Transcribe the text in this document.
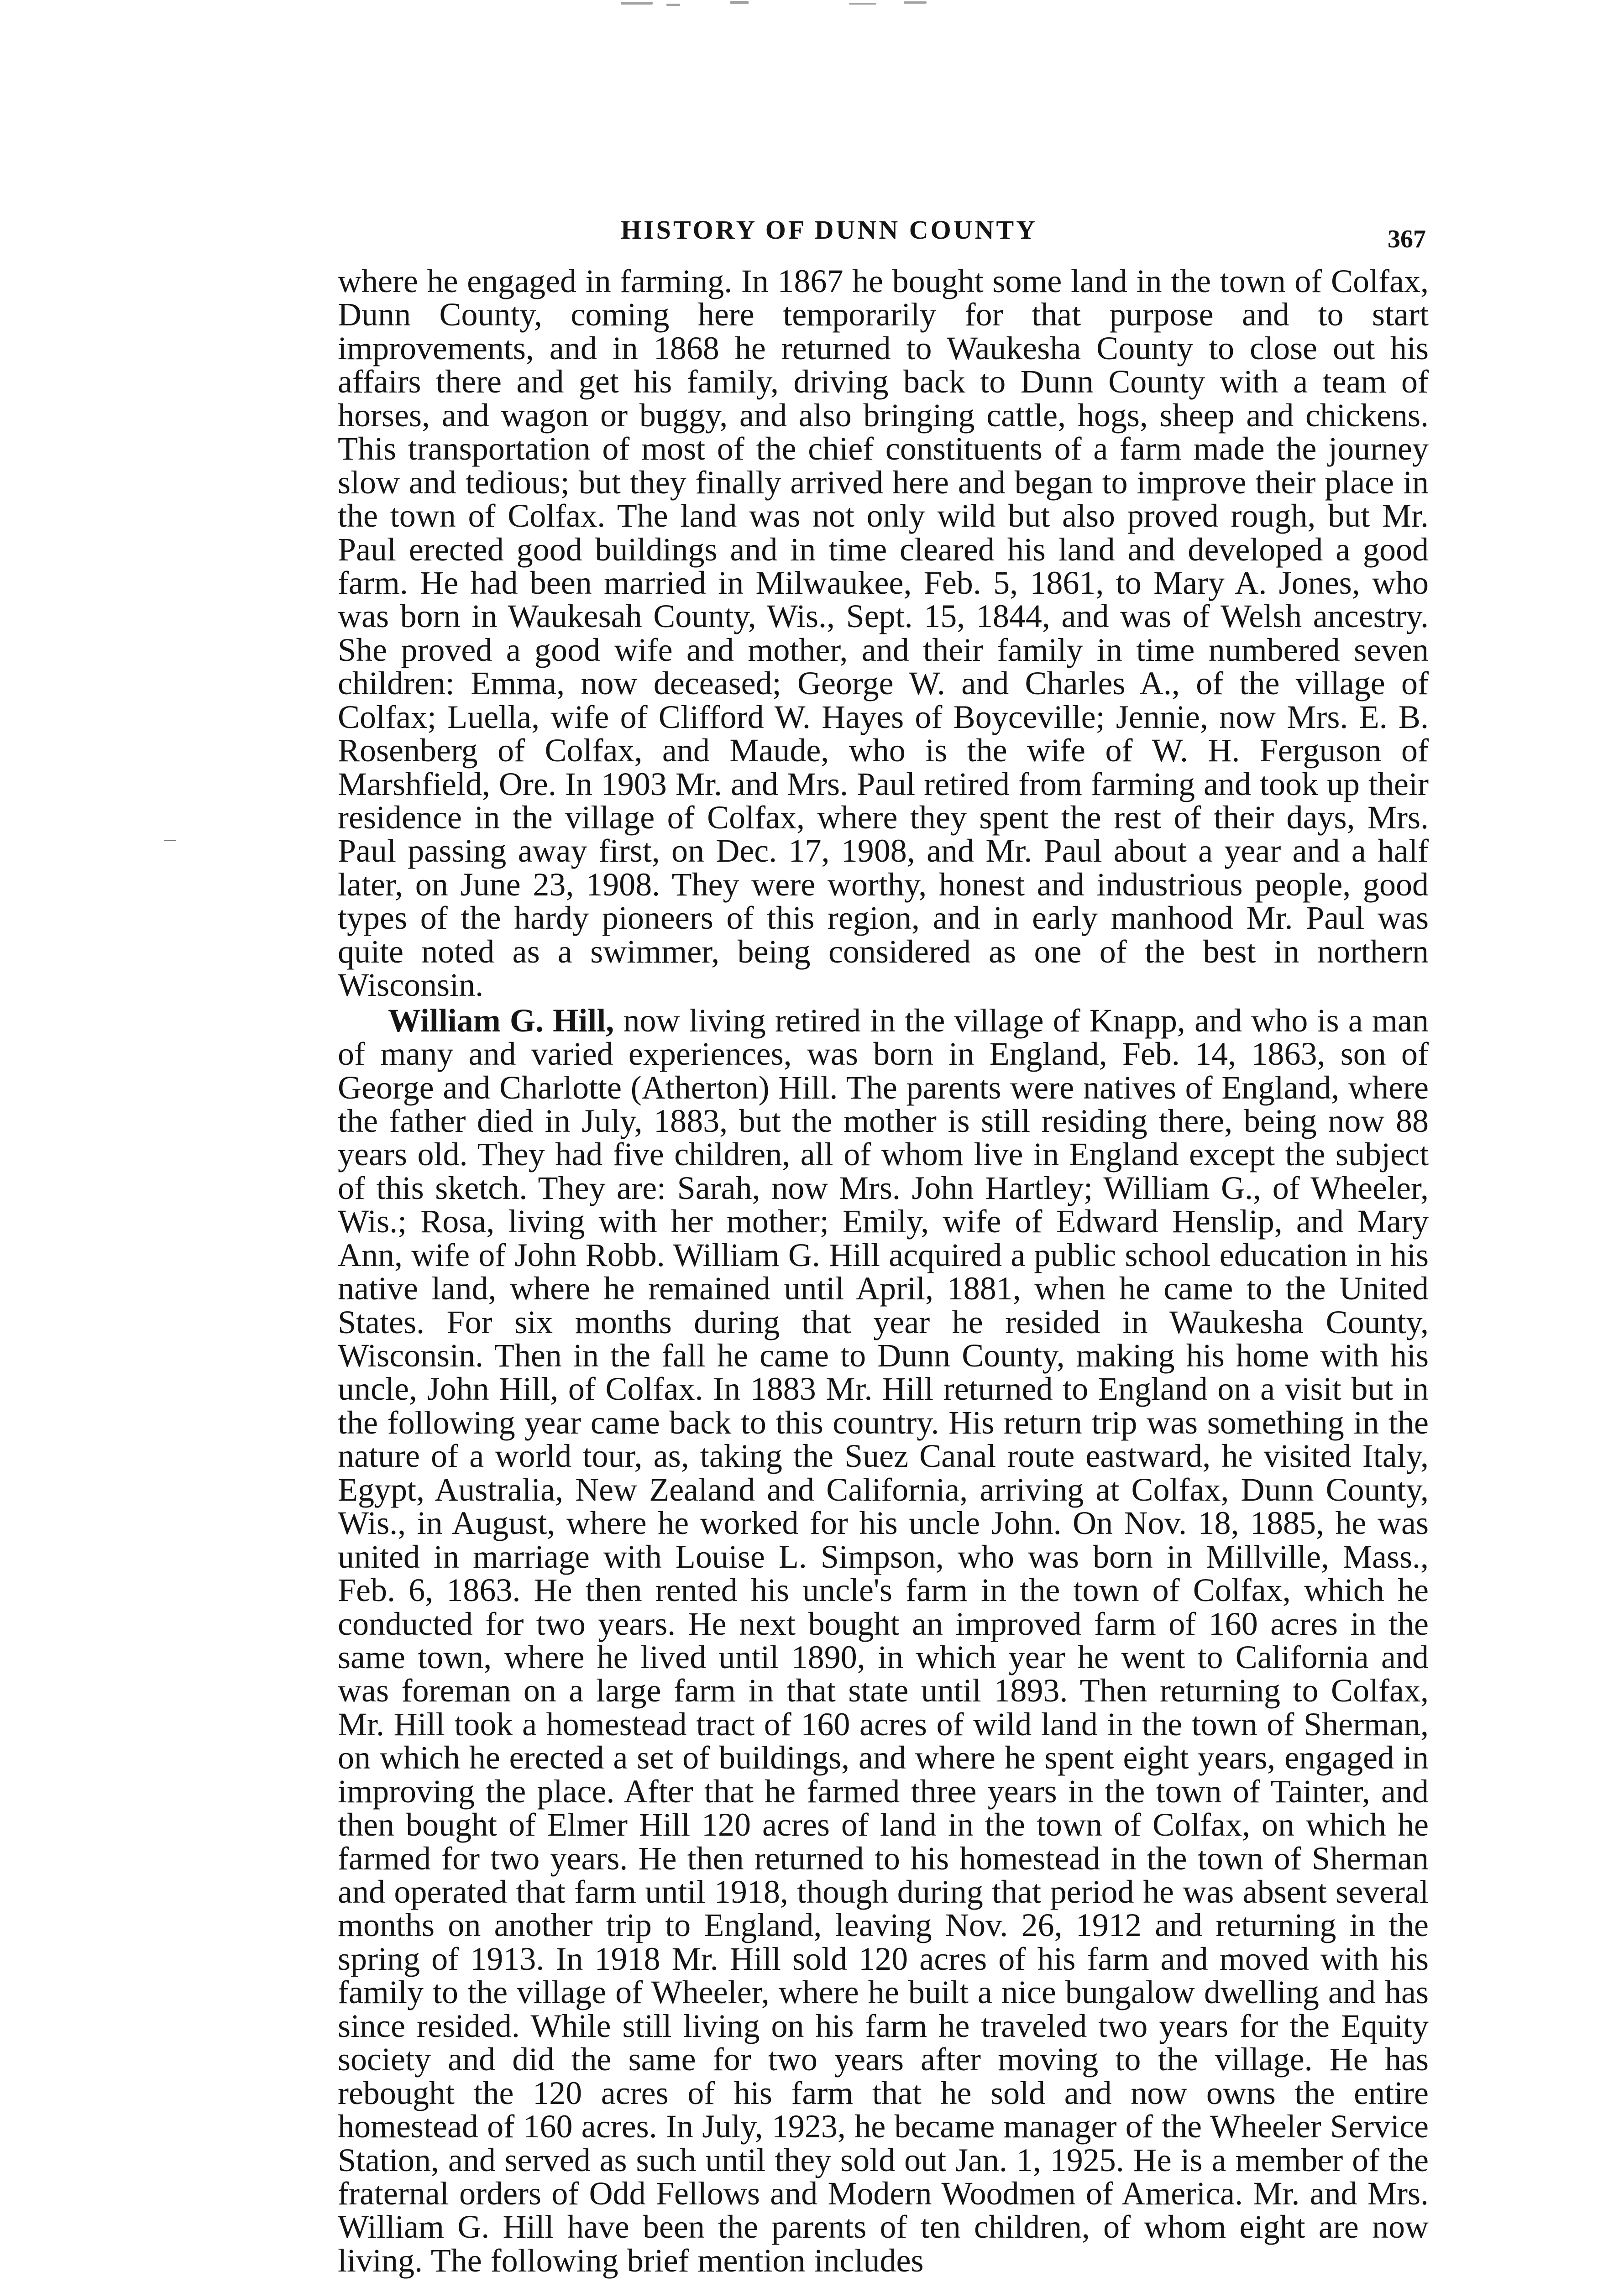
HISTORY OF DUNN COUNTY	367

where he engaged in farming. In 1867 he bought some land in the town of Colfax, Dunn County, coming here temporarily for that purpose and to start improvements, and in 1868 he returned to Waukesha County to close out his affairs there and get his family, driving back to Dunn County with a team of horses, and wagon or buggy, and also bringing cattle, hogs, sheep and chickens. This transportation of most of the chief constituents of a farm made the journey slow and tedious; but they finally arrived here and began to improve their place in the town of Colfax. The land was not only wild but also proved rough, but Mr. Paul erected good buildings and in time cleared his land and developed a good farm. He had been married in Milwaukee, Feb. 5, 1861, to Mary A. Jones, who was born in Waukesah County, Wis., Sept. 15, 1844, and was of Welsh ancestry. She proved a good wife and mother, and their family in time numbered seven children: Emma, now deceased; George W. and Charles A., of the village of Colfax; Luella, wife of Clifford W. Hayes of Boyceville; Jennie, now Mrs. E. B. Rosenberg of Colfax, and Maude, who is the wife of W. H. Ferguson of Marshfield, Ore. In 1903 Mr. and Mrs. Paul retired from farming and took up their residence in the village of Colfax, where they spent the rest of their days, Mrs. Paul passing away first, on Dec. 17, 1908, and Mr. Paul about a year and a half later, on June 23, 1908. They were worthy, honest and industrious people, good types of the hardy pioneers of this region, and in early manhood Mr. Paul was quite noted as a swimmer, being considered as one of the best in northern Wisconsin.

William G. Hill, now living retired in the village of Knapp, and who is a man of many and varied experiences, was born in England, Feb. 14, 1863, son of George and Charlotte (Atherton) Hill. The parents were natives of England, where the father died in July, 1883, but the mother is still residing there, being now 88 years old. They had five children, all of whom live in England except the subject of this sketch. They are: Sarah, now Mrs. John Hartley; William G., of Wheeler, Wis.; Rosa, living with her mother; Emily, wife of Edward Henslip, and Mary Ann, wife of John Robb. William G. Hill acquired a public school education in his native land, where he remained until April, 1881, when he came to the United States. For six months during that year he resided in Waukesha County, Wisconsin. Then in the fall he came to Dunn County, making his home with his uncle, John Hill, of Colfax. In 1883 Mr. Hill returned to England on a visit but in the following year came back to this country. His return trip was something in the nature of a world tour, as, taking the Suez Canal route eastward, he visited Italy, Egypt, Australia, New Zealand and California, arriving at Colfax, Dunn County, Wis., in August, where he worked for his uncle John. On Nov. 18, 1885, he was united in marriage with Louise L. Simpson, who was born in Millville, Mass., Feb. 6, 1863. He then rented his uncle's farm in the town of Colfax, which he conducted for two years. He next bought an improved farm of 160 acres in the same town, where he lived until 1890, in which year he went to California and was foreman on a large farm in that state until 1893. Then returning to Colfax, Mr. Hill took a homestead tract of 160 acres of wild land in the town of Sherman, on which he erected a set of buildings, and where he spent eight years, engaged in improving the place. After that he farmed three years in the town of Tainter, and then bought of Elmer Hill 120 acres of land in the town of Colfax, on which he farmed for two years. He then returned to his homestead in the town of Sherman and operated that farm until 1918, though during that period he was absent several months on another trip to England, leaving Nov. 26, 1912 and returning in the spring of 1913. In 1918 Mr. Hill sold 120 acres of his farm and moved with his family to the village of Wheeler, where he built a nice bungalow dwelling and has since resided. While still living on his farm he traveled two years for the Equity society and did the same for two years after moving to the village. He has rebought the 120 acres of his farm that he sold and now owns the entire homestead of 160 acres. In July, 1923, he became manager of the Wheeler Service Station, and served as such until they sold out Jan. 1, 1925. He is a member of the fraternal orders of Odd Fellows and Modern Woodmen of America. Mr. and Mrs. William G. Hill have been the parents of ten children, of whom eight are now living. The following brief mention includes
